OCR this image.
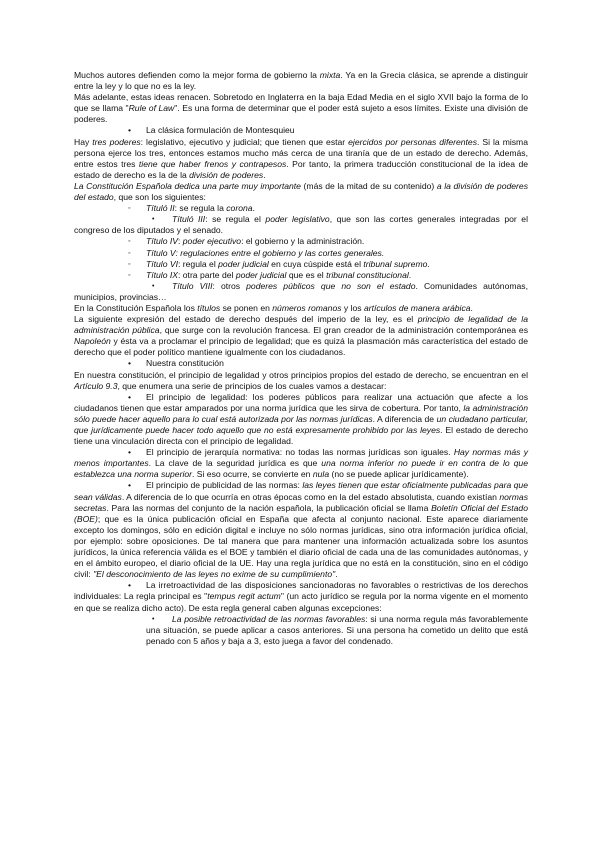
Muchos autores defienden como la mejor forma de gobierno la mixta. Ya en la Grecia clásica, se aprende a distinguir entre la ley y lo que no es la ley.

Más adelante, estas ideas renacen. Sobretodo en Inglaterra en la baja Edad Media en el siglo XVII bajo la forma de lo que se llama "Rule of Law". Es una forma de determinar que el poder está sujeto a esos límites. Existe una división de poderes.

• La clásica formulación de Montesquieu

Hay tres poderes: legislativo, ejecutivo y judicial; que tienen que estar ejercidos por personas diferentes. Si la misma persona ejerce los tres, entonces estamos mucho más cerca de una tiranía que de un estado de derecho. Además, entre estos tres tiene que haber frenos y contrapesos. Por tanto, la primera traducción constitucional de la idea de estado de derecho es la de la división de poderes.

La Constitución Española dedica una parte muy importante (más de la mitad de su contenido) a la división de poderes del estado, que son los siguientes:

◦ Títuló II: se regula la corona.

• Títuló III: se regula el poder legislativo, que son las cortes generales integradas por el congreso de los diputados y el senado.

◦ Título IV: poder ejecutivo: el gobierno y la administración.

◦ Título V: regulaciones entre el gobierno y las cortes generales.

◦ Título VI: regula el poder judicial en cuya cúspide está el tribunal supremo.

◦ Título IX: otra parte del poder judicial que es el tribunal constitucional.

• Título VIII: otros poderes públicos que no son el estado. Comunidades autónomas, municipios, provincias…

En la Constitución Española los títulos se ponen en números romanos y los artículos de manera arábica.

La siguiente expresión del estado de derecho después del imperio de la ley, es el principio de legalidad de la administración pública, que surge con la revolución francesa. El gran creador de la administración contemporánea es Napoleón y ésta va a proclamar el principio de legalidad; que es quizá la plasmación más característica del estado de derecho que el poder político mantiene igualmente con los ciudadanos.

• Nuestra constitución

En nuestra constitución, el principio de legalidad y otros principios propios del estado de derecho, se encuentran en el Artículo 9.3, que enumera una serie de principios de los cuales vamos a destacar:

• El principio de legalidad: los poderes públicos para realizar una actuación que afecte a los ciudadanos tienen que estar amparados por una norma jurídica que les sirva de cobertura. Por tanto, la administración sólo puede hacer aquello para lo cual está autorizada por las normas jurídicas. A diferencia de un ciudadano particular, que jurídicamente puede hacer todo aquello que no está expresamente prohibido por las leyes. El estado de derecho tiene una vinculación directa con el principio de legalidad.

• El principio de jerarquía normativa: no todas las normas jurídicas son iguales. Hay normas más y menos importantes. La clave de la seguridad jurídica es que una norma inferior no puede ir en contra de lo que establezca una norma superior. Si eso ocurre, se convierte en nula (no se puede aplicar jurídicamente).

• El principio de publicidad de las normas: las leyes tienen que estar oficialmente publicadas para que sean válidas. A diferencia de lo que ocurría en otras épocas como en la del estado absolutista, cuando existían normas secretas. Para las normas del conjunto de la nación española, la publicación oficial se llama Boletín Oficial del Estado (BOE); que es la única publicación oficial en España que afecta al conjunto nacional. Este aparece diariamente excepto los domingos, sólo en edición digital e incluye no sólo normas jurídicas, sino otra información jurídica oficial, por ejemplo: sobre oposiciones. De tal manera que para mantener una información actualizada sobre los asuntos jurídicos, la única referencia válida es el BOE y también el diario oficial de cada una de las comunidades autónomas, y en el ámbito europeo, el diario oficial de la UE. Hay una regla jurídica que no está en la constitución, sino en el código civil: "El desconocimiento de las leyes no exime de su cumplimiento".

• La irretroactividad de las disposiciones sancionadoras no favorables o restrictivas de los derechos individuales: La regla principal es "tempus regit actum" (un acto jurídico se regula por la norma vigente en el momento en que se realiza dicho acto). De esta regla general caben algunas excepciones:

• La posible retroactividad de las normas favorables: si una norma regula más favorablemente una situación, se puede aplicar a casos anteriores. Si una persona ha cometido un delito que está penado con 5 años y baja a 3, esto juega a favor del condenado.
